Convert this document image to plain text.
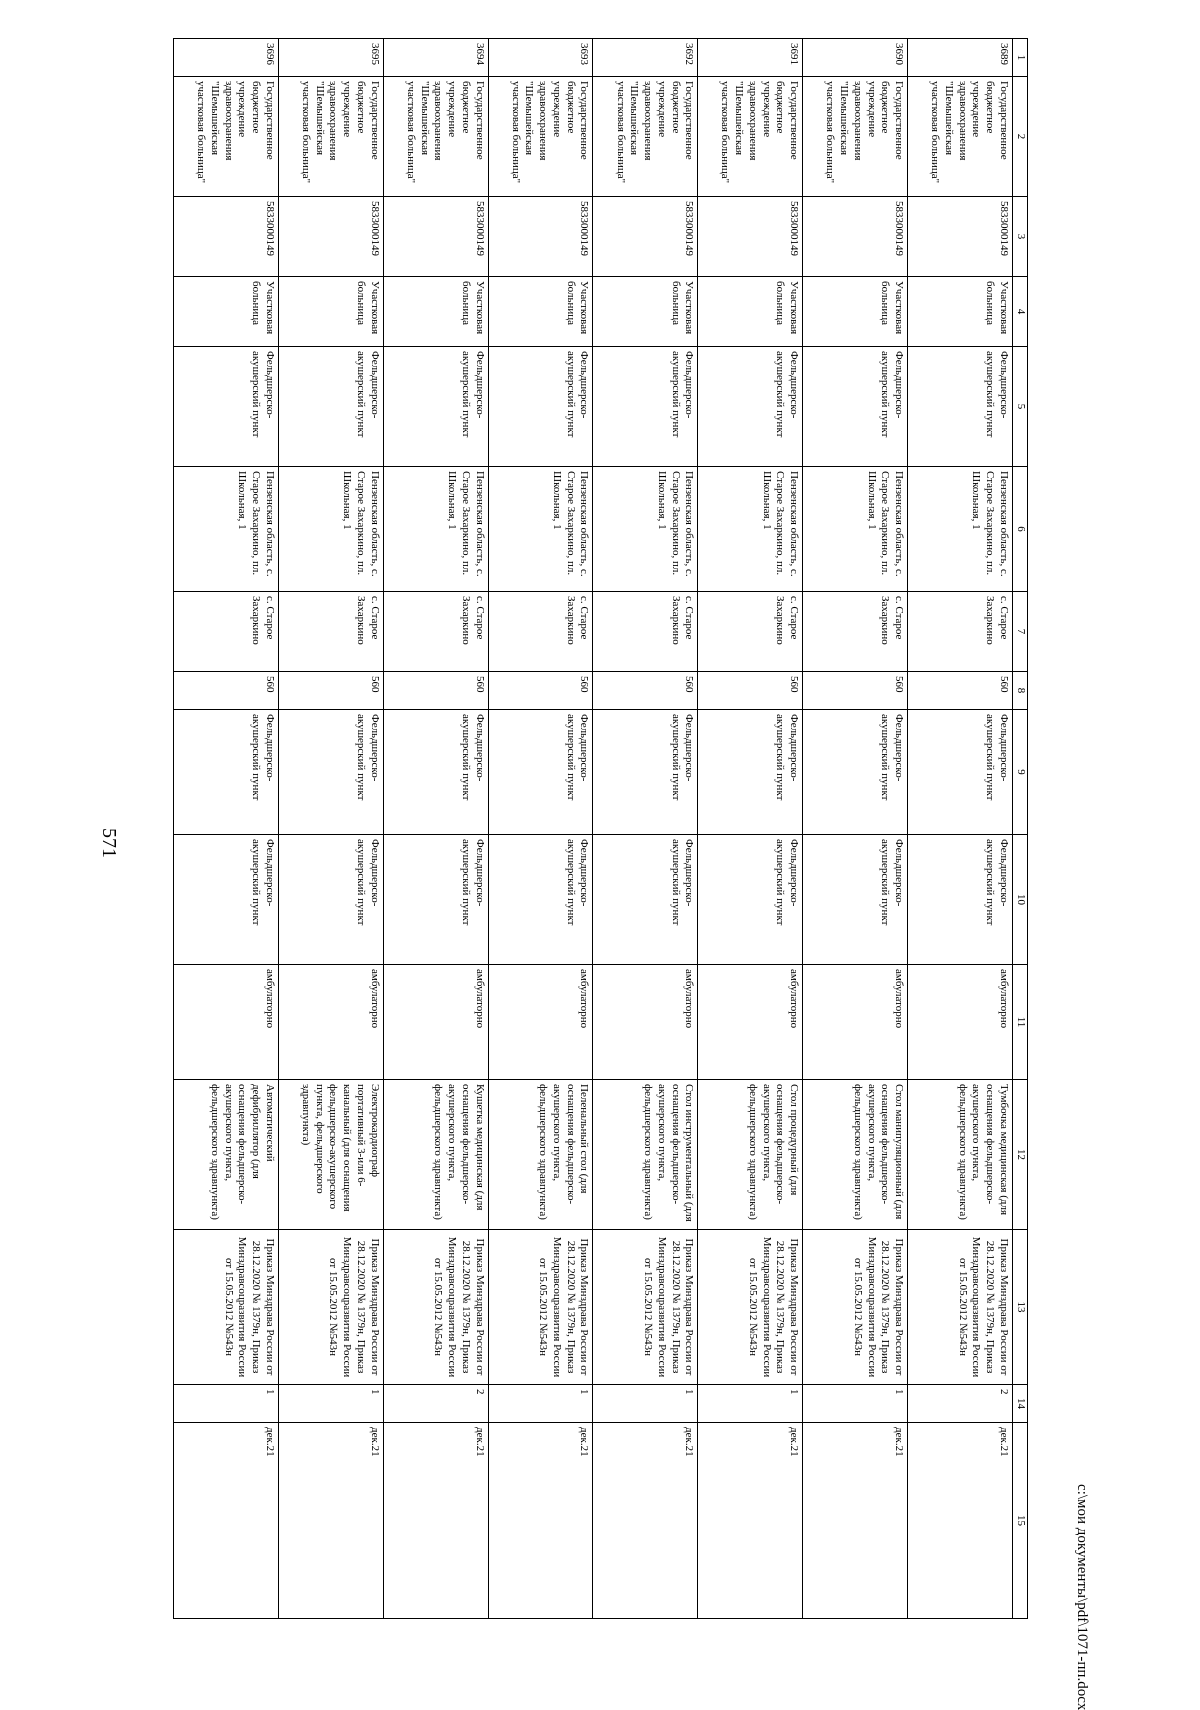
571
1	2	3	4	5	6	7	8	9	10	11	12	13	14	15
3689	Государственное бюджетное учреждение здравоохранения "Шемышейская участковая больница"	5833000149	Участковая больница	Фельдшерско-акушерский пункт	Пензенская область, с. Старое Захаркино, пл. Школьная, 1	с. Старое Захаркино	560	Фельдшерско-акушерский пункт	Фельдшерско-акушерский пункт	амбулаторно	Тумбочка медицинская (для оснащения фельдшерско-акушерского пункта, фельдшерского здравпункта)	Приказ Минздрава России от 28.12.2020 № 1379н, Приказ Минздравсоцразвития России от 15.05.2012 №543н	2	дек.21
3690	Государственное бюджетное учреждение здравоохранения "Шемышейская участковая больница"	5833000149	Участковая больница	Фельдшерско-акушерский пункт	Пензенская область, с. Старое Захаркино, пл. Школьная, 1	с. Старое Захаркино	560	Фельдшерско-акушерский пункт	Фельдшерско-акушерский пункт	амбулаторно	Стол манипуляционный (для оснащения фельдшерско-акушерского пункта, фельдшерского здравпункта)	Приказ Минздрава России от 28.12.2020 № 1379н, Приказ Минздравсоцразвития России от 15.05.2012 №543н	1	дек.21
3691	Государственное бюджетное учреждение здравоохранения "Шемышейская участковая больница"	5833000149	Участковая больница	Фельдшерско-акушерский пункт	Пензенская область, с. Старое Захаркино, пл. Школьная, 1	с. Старое Захаркино	560	Фельдшерско-акушерский пункт	Фельдшерско-акушерский пункт	амбулаторно	Стол процедурный (для оснащения фельдшерско-акушерского пункта, фельдшерского здравпункта)	Приказ Минздрава России от 28.12.2020 № 1379н, Приказ Минздравсоцразвития России от 15.05.2012 №543н	1	дек.21
3692	Государственное бюджетное учреждение здравоохранения "Шемышейская участковая больница"	5833000149	Участковая больница	Фельдшерско-акушерский пункт	Пензенская область, с. Старое Захаркино, пл. Школьная, 1	с. Старое Захаркино	560	Фельдшерско-акушерский пункт	Фельдшерско-акушерский пункт	амбулаторно	Стол инструментальный (для оснащения фельдшерско-акушерского пункта, фельдшерского здравпункта)	Приказ Минздрава России от 28.12.2020 № 1379н, Приказ Минздравсоцразвития России от 15.05.2012 №543н	1	дек.21
3693	Государственное бюджетное учреждение здравоохранения "Шемышейская участковая больница"	5833000149	Участковая больница	Фельдшерско-акушерский пункт	Пензенская область, с. Старое Захаркино, пл. Школьная, 1	с. Старое Захаркино	560	Фельдшерско-акушерский пункт	Фельдшерско-акушерский пункт	амбулаторно	Пеленальный стол (для оснащения фельдшерско-акушерского пункта, фельдшерского здравпункта)	Приказ Минздрава России от 28.12.2020 № 1379н, Приказ Минздравсоцразвития России от 15.05.2012 №543н	1	дек.21
3694	Государственное бюджетное учреждение здравоохранения "Шемышейская участковая больница"	5833000149	Участковая больница	Фельдшерско-акушерский пункт	Пензенская область, с. Старое Захаркино, пл. Школьная, 1	с. Старое Захаркино	560	Фельдшерско-акушерский пункт	Фельдшерско-акушерский пункт	амбулаторно	Кушетка медицинская (для оснащения фельдшерско-акушерского пункта, фельдшерского здравпункта)	Приказ Минздрава России от 28.12.2020 № 1379н, Приказ Минздравсоцразвития России от 15.05.2012 №543н	2	дек.21
3695	Государственное бюджетное учреждение здравоохранения "Шемышейская участковая больница"	5833000149	Участковая больница	Фельдшерско-акушерский пункт	Пензенская область, с. Старое Захаркино, пл. Школьная, 1	с. Старое Захаркино	560	Фельдшерско-акушерский пункт	Фельдшерско-акушерский пункт	амбулаторно	Электрокардиограф портативный 3-или 6-канальный (для оснащения фельдшерско-акушерского пункта, фельдшерского здравпункта)	Приказ Минздрава России от 28.12.2020 № 1379н, Приказ Минздравсоцразвития России от 15.05.2012 №543н	1	дек.21
3696	Государственное бюджетное учреждение здравоохранения "Шемышейская участковая больница"	5833000149	Участковая больница	Фельдшерско-акушерский пункт	Пензенская область, с. Старое Захаркино, пл. Школьная, 1	с. Старое Захаркино	560	Фельдшерско-акушерский пункт	Фельдшерско-акушерский пункт	амбулаторно	Автоматический дефибриллятор (для оснащения фельдшерско-акушерского пункта, фельдшерского здравпункта)	Приказ Минздрава России от 28.12.2020 № 1379н, Приказ Минздравсоцразвития России от 15.05.2012 №543н	1	дек.21
c:\мои документы\pdf\1071-пп.docx
